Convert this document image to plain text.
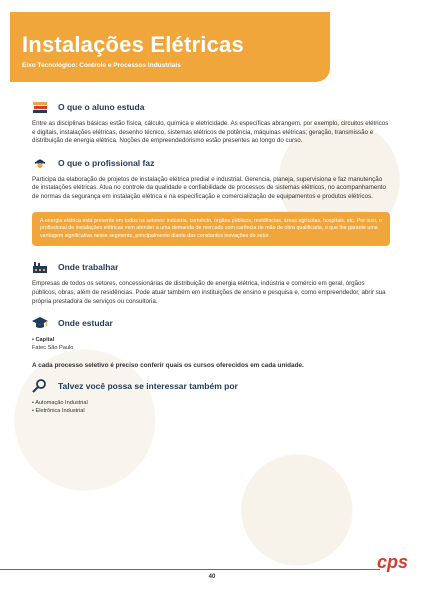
Instalações Elétricas
Eixo Tecnológico: Controle e Processos Industriais
O que o aluno estuda

Entre as disciplinas básicas estão física, cálculo, química e eletricidade. As específicas abrangem, por exemplo, circuitos elétricos e digitais, instalações elétricas, desenho técnico, sistemas elétricos de potência, máquinas elétricas; geração, transmissão e distribuição de energia elétrica. Noções de empreendedorismo estão presentes ao longo do curso.

O que o profissional faz

Participa da elaboração de projetos de instalação elétrica predial e industrial. Gerencia, planeja, supervisiona e faz manutenção de instalações elétricas. Atua no controle da qualidade e confiabilidade de processos de sistemas elétricos, no acompanhamento de normas da segurança em instalação elétrica e na especificação e comercialização de equipamentos e produtos elétricos.

A energia elétrica está presente em todos os setores: indústria, comércio, órgãos públicos, residências, áreas agrícolas, hospitais, etc. Por isso, o profissional de instalações elétricas vem atender a uma demanda de mercado com carência de mão de obra qualificada, o que lhe garante uma vantagem significativa nesse segmento, principalmente diante das constantes inovações do setor.
Onde trabalhar

Empresas de todos os setores, concessionárias de distribuição de energia elétrica, indústria e comércio em geral, órgãos públicos, obras, além de residências. Pode atuar também em instituições de ensino e pesquisa e, como empreendedor, abrir sua própria prestadora de serviços ou consultoria.

Onde estudar
• Capital
Fatec São Paulo
A cada processo seletivo é preciso conferir quais os cursos oferecidos em cada unidade.
Talvez você possa se interessar também por
• Automação Industrial
• Eletrônica Industrial
40
cps
